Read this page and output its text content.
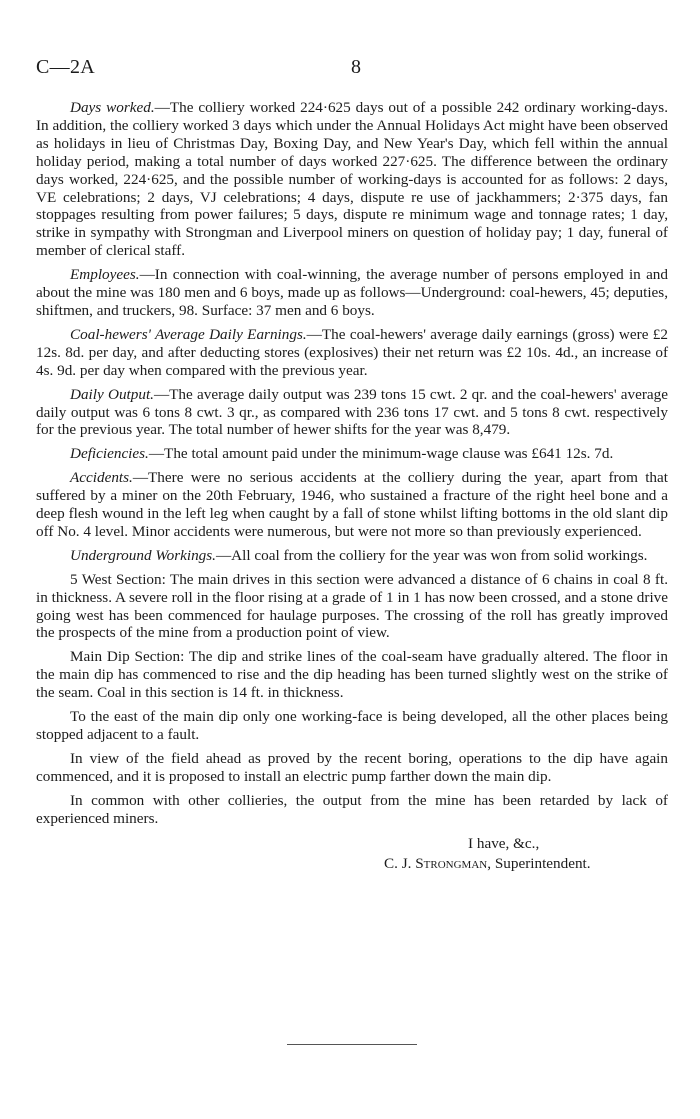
C—2A	8

Days worked.—The colliery worked 224·625 days out of a possible 242 ordinary working-days. In addition, the colliery worked 3 days which under the Annual Holidays Act might have been observed as holidays in lieu of Christmas Day, Boxing Day, and New Year's Day, which fell within the annual holiday period, making a total number of days worked 227·625. The difference between the ordinary days worked, 224·625, and the possible number of working-days is accounted for as follows: 2 days, VE celebrations; 2 days, VJ celebrations; 4 days, dispute re use of jackhammers; 2·375 days, fan stoppages resulting from power failures; 5 days, dispute re minimum wage and tonnage rates; 1 day, strike in sympathy with Strongman and Liverpool miners on question of holiday pay; 1 day, funeral of member of clerical staff.

Employees.—In connection with coal-winning, the average number of persons employed in and about the mine was 180 men and 6 boys, made up as follows—Underground: coal-hewers, 45; deputies, shiftmen, and truckers, 98. Surface: 37 men and 6 boys.

Coal-hewers' Average Daily Earnings.—The coal-hewers' average daily earnings (gross) were £2 12s. 8d. per day, and after deducting stores (explosives) their net return was £2 10s. 4d., an increase of 4s. 9d. per day when compared with the previous year.

Daily Output.—The average daily output was 239 tons 15 cwt. 2 qr. and the coal-hewers' average daily output was 6 tons 8 cwt. 3 qr., as compared with 236 tons 17 cwt. and 5 tons 8 cwt. respectively for the previous year. The total number of hewer shifts for the year was 8,479.

Deficiencies.—The total amount paid under the minimum-wage clause was £641 12s. 7d.

Accidents.—There were no serious accidents at the colliery during the year, apart from that suffered by a miner on the 20th February, 1946, who sustained a fracture of the right heel bone and a deep flesh wound in the left leg when caught by a fall of stone whilst lifting bottoms in the old slant dip off No. 4 level. Minor accidents were numerous, but were not more so than previously experienced.

Underground Workings.—All coal from the colliery for the year was won from solid workings.

5 West Section: The main drives in this section were advanced a distance of 6 chains in coal 8 ft. in thickness. A severe roll in the floor rising at a grade of 1 in 1 has now been crossed, and a stone drive going west has been commenced for haulage purposes. The crossing of the roll has greatly improved the prospects of the mine from a production point of view.

Main Dip Section: The dip and strike lines of the coal-seam have gradually altered. The floor in the main dip has commenced to rise and the dip heading has been turned slightly west on the strike of the seam. Coal in this section is 14 ft. in thickness.

To the east of the main dip only one working-face is being developed, all the other places being stopped adjacent to a fault.

In view of the field ahead as proved by the recent boring, operations to the dip have again commenced, and it is proposed to install an electric pump farther down the main dip.

In common with other collieries, the output from the mine has been retarded by lack of experienced miners.

I have, &c.,
C. J. Strongman, Superintendent.
